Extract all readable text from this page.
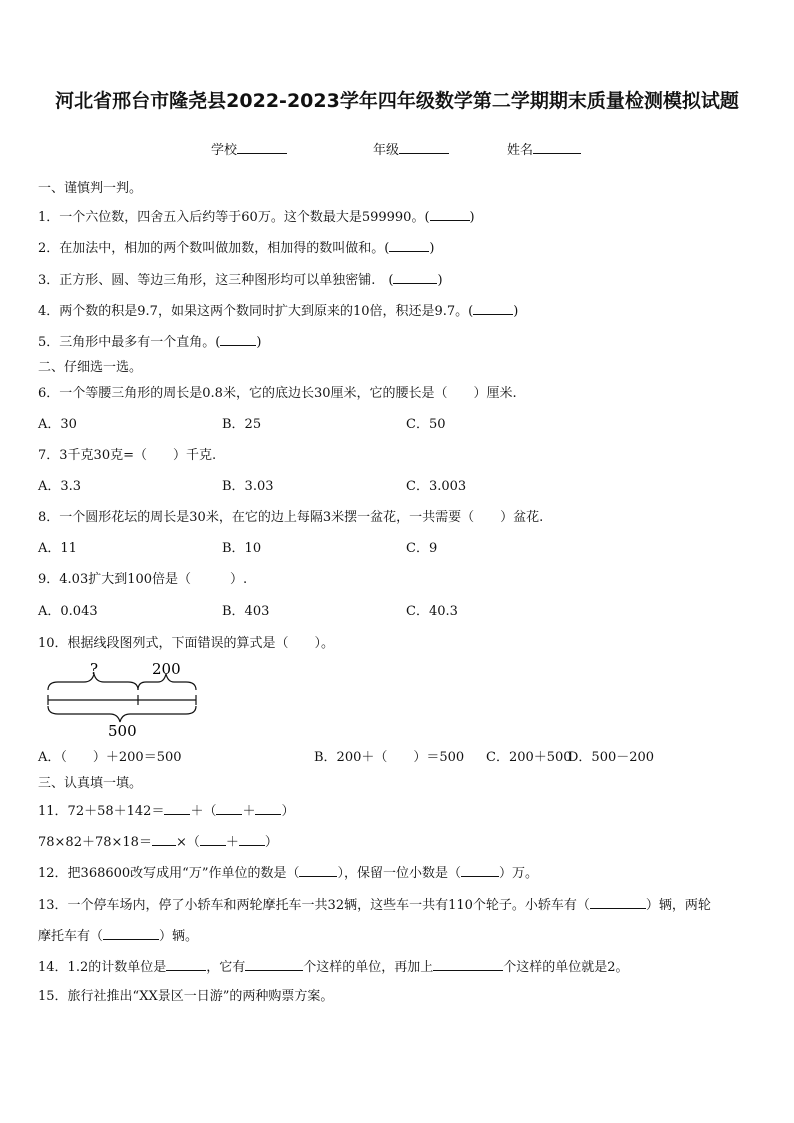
河北省邢台市隆尧县2022-2023学年四年级数学第二学期期末质量检测模拟试题
学校	年级	姓名
一、谨慎判一判。
1．一个六位数，四舍五入后约等于60万。这个数最大是599990。(	)
2．在加法中，相加的两个数叫做加数，相加得的数叫做和。(	)
3．正方形、圆、等边三角形，这三种图形均可以单独密铺.　(	)
4．两个数的积是9.7，如果这两个数同时扩大到原来的10倍，积还是9.7。(	)
5．三角形中最多有一个直角。(	)
二、仔细选一选。
6．一个等腰三角形的周长是0.8米，它的底边长30厘米，它的腰长是（　　）厘米.
A．30	B．25	C．50
7．3千克30克=（　　）千克.
A．3.3	B．3.03	C．3.003
8．一个圆形花坛的周长是30米，在它的边上每隔3米摆一盆花，一共需要（　　）盆花.
A．11	B．10	C．9
9．4.03扩大到100倍是（　　　）.
A．0.043	B．403	C．40.3
10．根据线段图列式，下面错误的算式是（　　）。
?	200
500
A．（　　）＋200＝500	B．200＋（　　）＝500 C．200＋500
D．500－200
三、认真填一填。
11．72＋58＋142＝ ＋（ ＋ ）
78×82＋78×18＝ ×（ ＋ ）
12．把368600改写成用“万”作单位的数是（	），保留一位小数是（	）万。
13．一个停车场内，停了小轿车和两轮摩托车一共32辆，这些车一共有110个轮子。小轿车有（	）辆，两轮
摩托车有（	）辆。
14．1.2的计数单位是	，它有	个这样的单位，再加上	个这样的单位就是2。
15．旅行社推出“XX景区一日游”的两种购票方案。
